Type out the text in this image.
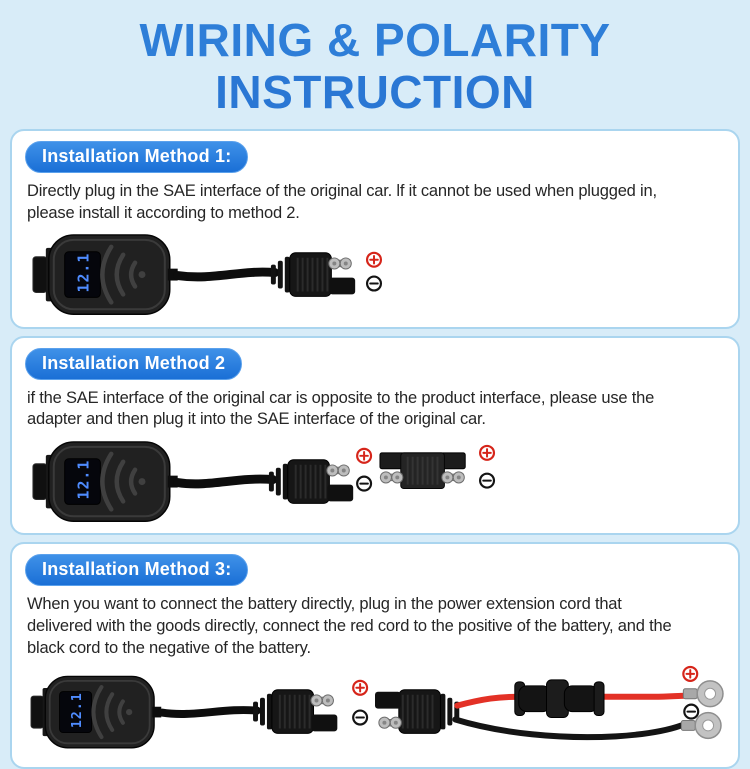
WIRING & POLARITY
INSTRUCTION
Installation Method 1:
Directly plug in the SAE interface of the original car. lf it cannot be used when plugged in, please install it according to method 2.
Installation Method 2
if the SAE interface of the original car is opposite to the product interface, please use the adapter and then plug it into the SAE interface of the original car.
Installation Method 3:
When you want to connect the battery directly, plug in the power extension cord that delivered with the goods directly, connect the red cord to the positive of the battery, and the black cord to the negative of the battery.
